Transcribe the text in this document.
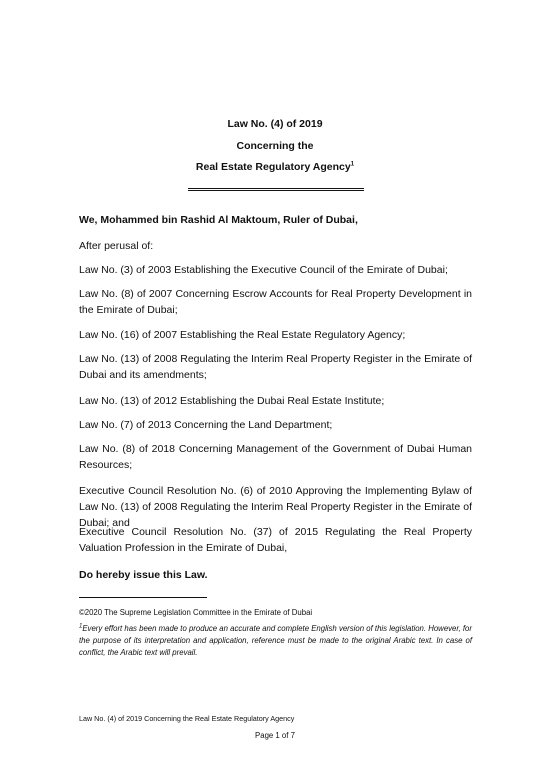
Law No. (4) of 2019
Concerning the
Real Estate Regulatory Agency$^1$
We, Mohammed bin Rashid Al Maktoum, Ruler of Dubai,
After perusal of:
Law No. (3) of 2003 Establishing the Executive Council of the Emirate of Dubai;
Law No. (8) of 2007 Concerning Escrow Accounts for Real Property Development in the Emirate of Dubai;
Law No. (16) of 2007 Establishing the Real Estate Regulatory Agency;
Law No. (13) of 2008 Regulating the Interim Real Property Register in the Emirate of Dubai and its amendments;
Law No. (13) of 2012 Establishing the Dubai Real Estate Institute;
Law No. (7) of 2013 Concerning the Land Department;
Law No. (8) of 2018 Concerning Management of the Government of Dubai Human Resources;
Executive Council Resolution No. (6) of 2010 Approving the Implementing Bylaw of Law No. (13) of 2008 Regulating the Interim Real Property Register in the Emirate of Dubai; and
Executive Council Resolution No. (37) of 2015 Regulating the Real Property Valuation Profession in the Emirate of Dubai,
Do hereby issue this Law.
©2020 The Supreme Legislation Committee in the Emirate of Dubai
$^1$Every effort has been made to produce an accurate and complete English version of this legislation. However, for the purpose of its interpretation and application, reference must be made to the original Arabic text. In case of conflict, the Arabic text will prevail.
Law No. (4) of 2019 Concerning the Real Estate Regulatory Agency
Page 1 of 7
